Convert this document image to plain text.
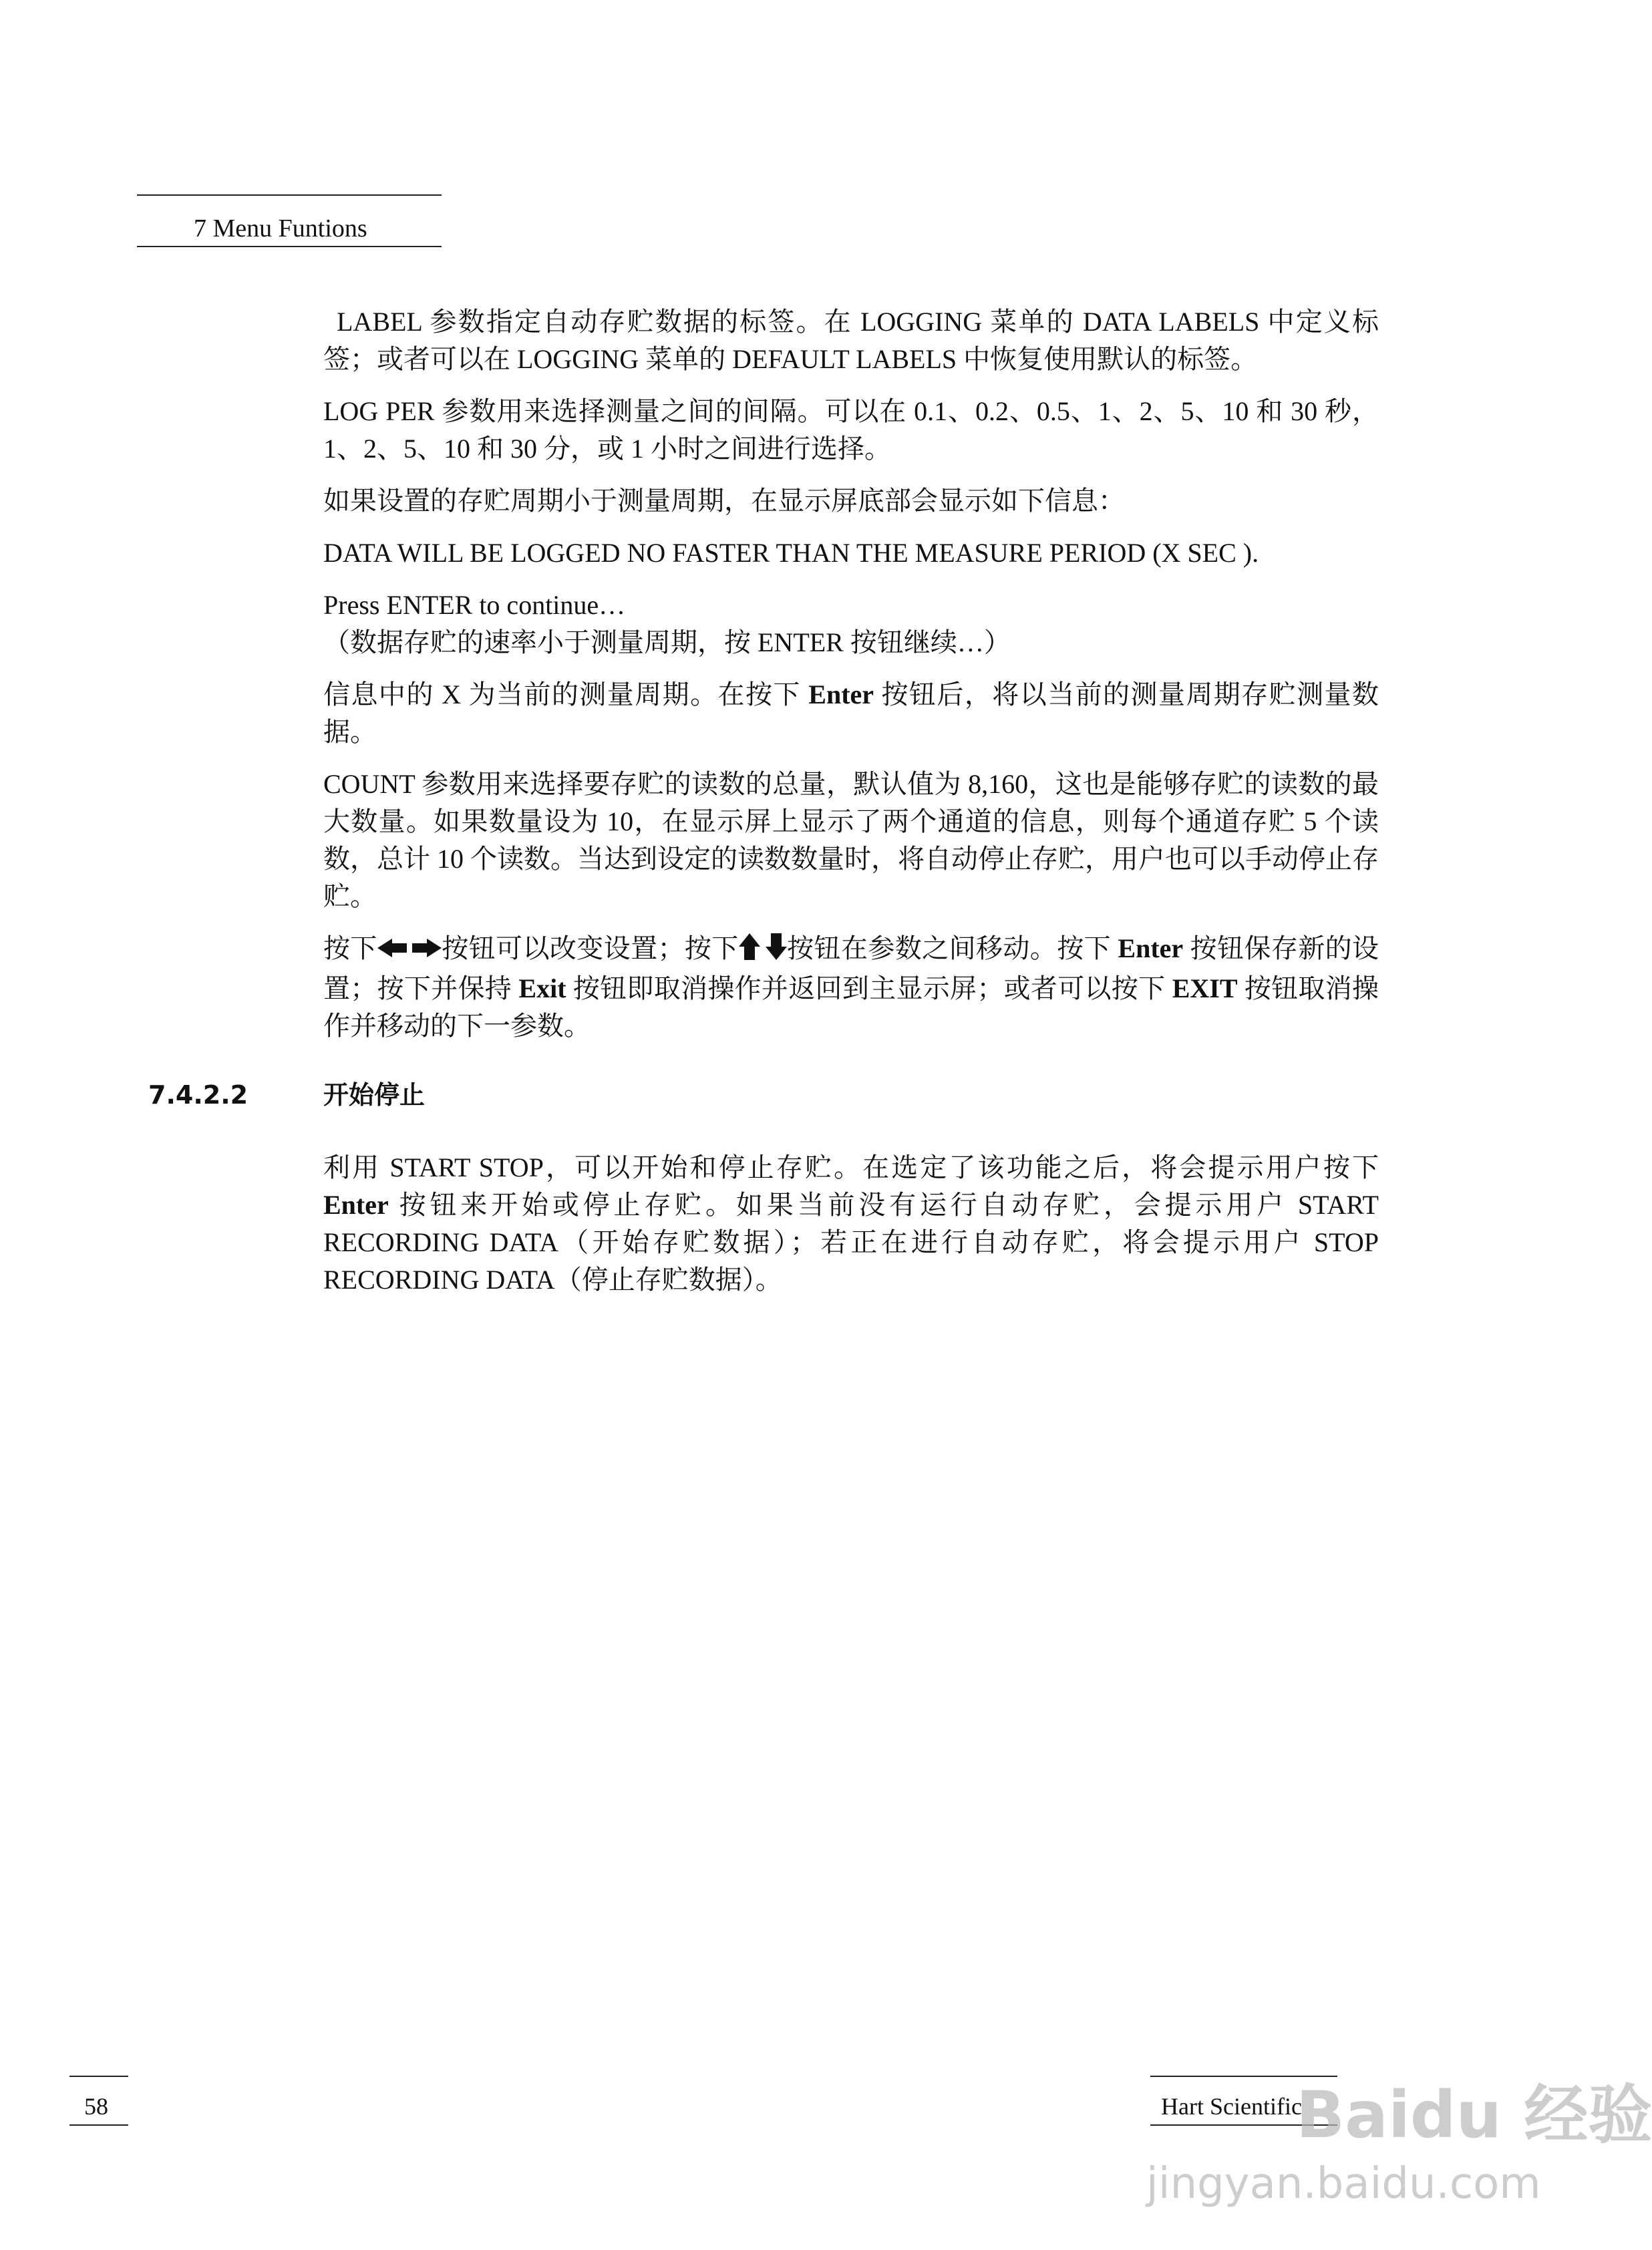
7 Menu Funtions

LABEL 参数指定自动存贮数据的标签。在 LOGGING 菜单的 DATA LABELS 中定义标签；或者可以在 LOGGING 菜单的 DEFAULT LABELS 中恢复使用默认的标签。

LOG PER 参数用来选择测量之间的间隔。可以在 0.1、0.2、0.5、1、2、5、10 和 30 秒，1、2、5、10 和 30 分，或 1 小时之间进行选择。

如果设置的存贮周期小于测量周期，在显示屏底部会显示如下信息：

DATA WILL BE LOGGED NO FASTER THAN THE MEASURE PERIOD (X SEC ).

Press ENTER to continue…

（数据存贮的速率小于测量周期，按 ENTER 按钮继续…）

信息中的 X 为当前的测量周期。在按下 Enter 按钮后，将以当前的测量周期存贮测量数据。

COUNT 参数用来选择要存贮的读数的总量，默认值为 8,160，这也是能够存贮的读数的最大数量。如果数量设为 10，在显示屏上显示了两个通道的信息，则每个通道存贮 5 个读数，总计 10 个读数。当达到设定的读数数量时，将自动停止存贮，用户也可以手动停止存贮。

按下 按钮可以改变设置；按下 按钮在参数之间移动。按下 Enter 按钮保存新的设置；按下并保持 Exit 按钮即取消操作并返回到主显示屏；或者可以按下 EXIT 按钮取消操作并移动的下一参数。

7.4.2.2	开始停止

利用 START STOP，可以开始和停止存贮。在选定了该功能之后，将会提示用户按下 Enter 按钮来开始或停止存贮。如果当前没有运行自动存贮，会提示用户 START RECORDING DATA（开始存贮数据）；若正在进行自动存贮，将会提示用户 STOP RECORDING DATA（停止存贮数据）。

58	Hart Scientific
Baidu 经验
jingyan.baidu.com
